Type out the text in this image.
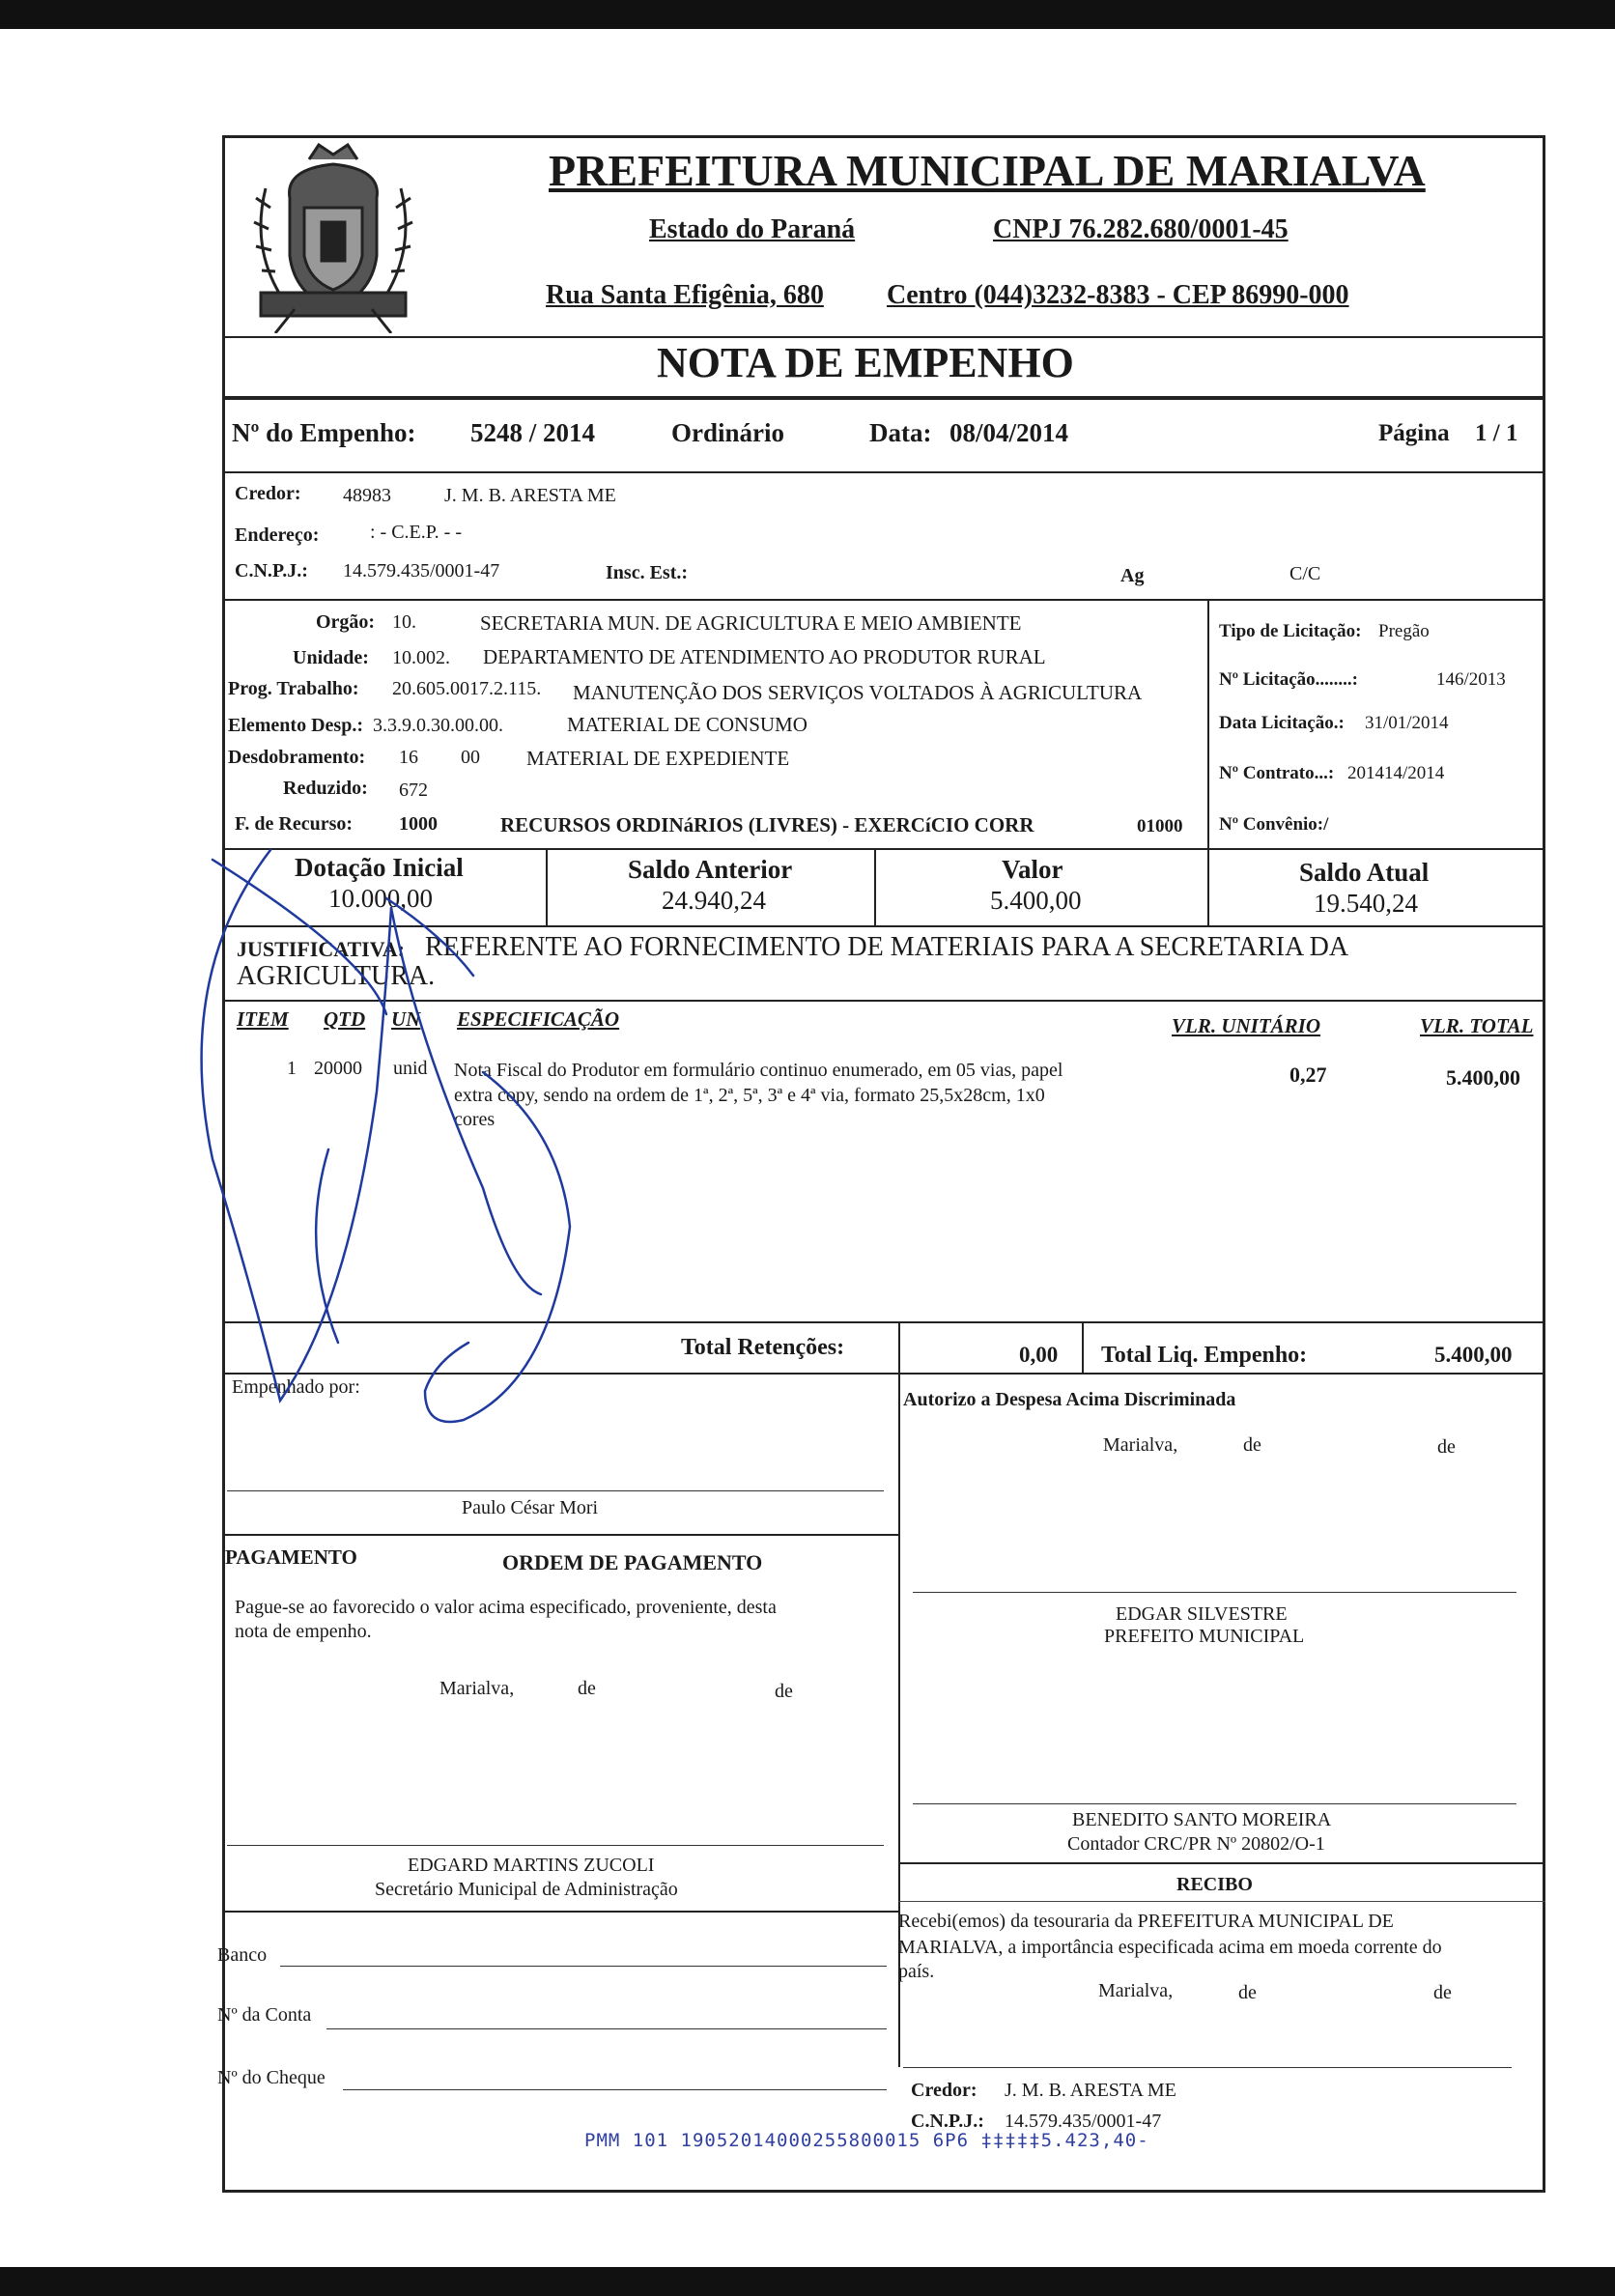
PREFEITURA MUNICIPAL DE MARIALVA
Estado do Paraná	CNPJ 76.282.680/0001-45
Rua Santa Efigênia, 680 Centro (044)3232-8383 - CEP 86990-000
NOTA DE EMPENHO
Nº do Empenho: 5248 / 2014	Ordinário	Data: 08/04/2014	Página 1 / 1
Credor: 48983	J. M. B. ARESTA ME
Endereço:	: - C.E.P. - -
C.N.P.J.: 14.579.435/0001-47	Insc. Est.:	Ag	C/C
Orgão: 10.	SECRETARIA MUN. DE AGRICULTURA E MEIO AMBIENTE
Unidade: 10.002. DEPARTAMENTO DE ATENDIMENTO AO PRODUTOR RURAL
Prog. Trabalho: 20.605.0017.2.115. MANUTENÇÃO DOS SERVIÇOS VOLTADOS À AGRICULTURA
Elemento Desp.: 3.3.9.0.30.00.00.	MATERIAL DE CONSUMO
Desdobramento: 16 00 MATERIAL DE EXPEDIENTE
Reduzido: 672
F. de Recurso: 1000	RECURSOS ORDINáRIOS (LIVRES) - EXERCíCIO CORR	01000
Tipo de Licitação: Pregão
Nº Licitação........:	146/2013
Data Licitação.: 31/01/2014
Nº Contrato...: 201414/2014
Nº Convênio:/
Dotação Inicial
10.000,00
Saldo Anterior
24.940,24
Valor
5.400,00
Saldo Atual
19.540,24
JUSTIFICATIVA: REFERENTE AO FORNECIMENTO DE MATERIAIS PARA A SECRETARIA DA
AGRICULTURA.
ITEM QTD UN ESPECIFICAÇÃO	VLR. UNITÁRIO	VLR. TOTAL
1 20000 unid Nota Fiscal do Produtor em formulário continuo enumerado, em 05 vias, papel
extra copy, sendo na ordem de 1ª, 2ª, 5ª, 3ª e 4ª via, formato 25,5x28cm, 1x0
cores
0,27	5.400,00
Total Retenções:	0,00 Total Liq. Empenho:	5.400,00
Empenhado por:
Paulo César Mori
Autorizo a Despesa Acima Discriminada
Marialva,	de	de
EDGAR SILVESTRE
PREFEITO MUNICIPAL
BENEDITO SANTO MOREIRA
Contador CRC/PR Nº 20802/O-1
RECIBO
Recebi(emos) da tesouraria da PREFEITURA MUNICIPAL DE
MARIALVA, a importância especificada acima em moeda corrente do
país.
Marialva,	de	de
Credor: J. M. B. ARESTA ME
C.N.P.J.: 14.579.435/0001-47
PAGAMENTO	ORDEM DE PAGAMENTO
Pague-se ao favorecido o valor acima especificado, proveniente, desta
nota de empenho.
Marialva,	de	de
EDGARD MARTINS ZUCOLI
Secretário Municipal de Administração
Banco
Nº da Conta
Nº do Cheque
PMM 101 19052014000255800015 6P6 ‡‡‡‡‡5.423,40-
